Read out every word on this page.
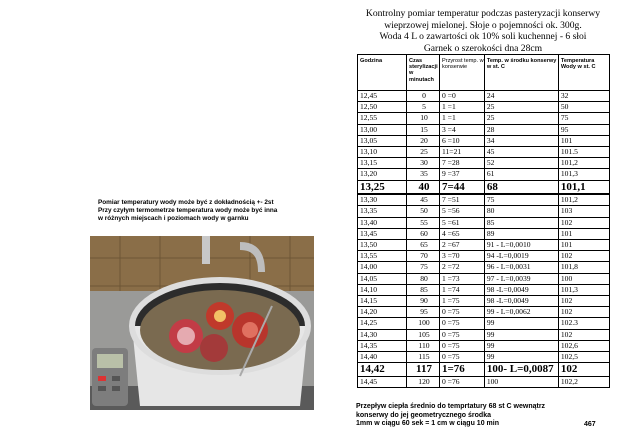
Kontrolny pomiar temperatur podczas pasteryzacji konserwy
wieprzowej mielonej. Słoje o pojemności ok. 300g.
Woda 4 L o zawartości ok 10% soli kuchennej - 6 słoi
Garnek o szerokości dna 28cm
Pomiar temperatury wody może być z dokładnością +- 2st
Przy czyłym termometrze temperatura wody może być inna
w różnych miejscach i poziomach wody w garnku
Godzina	Czas sterylizacji w minutach	Przyrost temp. w konserwie	Temp. w środku konserwy w st. C	Temperatura Wody w st. C
12,45	0	0 =0	24	32
12,50	5	1 =1	25	50
12,55	10	1 =1	25	75
13,00	15	3 =4	28	95
13,05	20	6 =10	34	101
13,10	25	11=21	45	101.5
13,15	30	7 =28	52	101,2
13,20	35	9 =37	61	101,3
13,25	40	7=44	68	101,1
13,30	45	7 =51	75	101,2
13,35	50	5 =56	80	103
13,40	55	5 =61	85	102
13,45	60	4 =65	89	101
13,50	65	2 =67	91 - L=0,0010	101
13,55	70	3 =70	94 -L=0,0019	102
14,00	75	2 =72	96 - L=0,0031	101,8
14,05	80	1 =73	97 - L=0,0039	100
14,10	85	1 =74	98 -L=0,0049	101,3
14,15	90	1 =75	98 -L=0,0049	102
14,20	95	0 =75	99 - L=0,0062	102
14,25	100	0 =75	99	102.3
14,30	105	0 =75	99	102
14,35	110	0 =75	99	102,6
14,40	115	0 =75	99	102,5
14,42	117	1=76	100- L=0,0087	102
14,45	120	0 =76	100	102,2
Przepływ ciepła średnio do temprtatury 68 st C wewnątrz
konserwy do jej geometrycznego środka
1mm w ciągu 60 sek = 1 cm w ciągu 10 min	467
